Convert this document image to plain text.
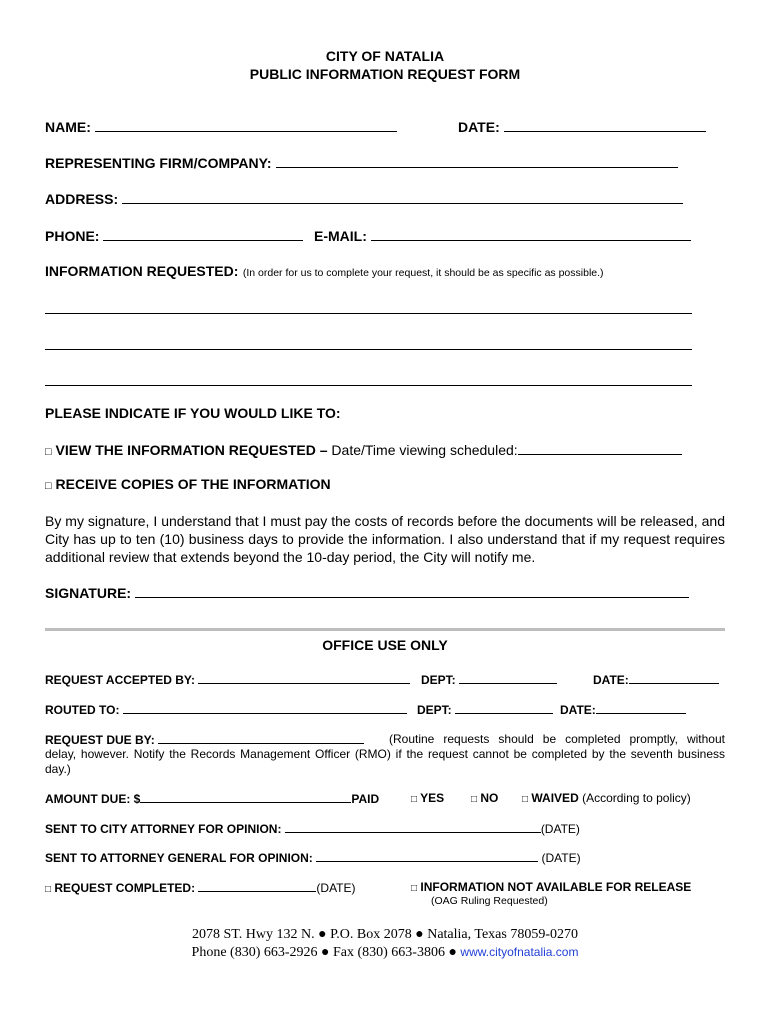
CITY OF NATALIA
PUBLIC INFORMATION REQUEST FORM
NAME:	DATE:
REPRESENTING FIRM/COMPANY:
ADDRESS:
PHONE:	E-MAIL:
INFORMATION REQUESTED: (In order for us to complete your request, it should be as specific as possible.)
PLEASE INDICATE IF YOU WOULD LIKE TO:
□ VIEW THE INFORMATION REQUESTED – Date/Time viewing scheduled:
□ RECEIVE COPIES OF THE INFORMATION
By my signature, I understand that I must pay the costs of records before the documents will be released, and City has up to ten (10) business days to provide the information. I also understand that if my request requires additional review that extends beyond the 10-day period, the City will notify me.
SIGNATURE:
OFFICE USE ONLY
REQUEST ACCEPTED BY:	DEPT:	DATE:
ROUTED TO:	DEPT:	DATE:
REQUEST DUE BY:	(Routine requests should be completed promptly, without delay, however. Notify the Records Management Officer (RMO) if the request cannot be completed by the seventh business day.)
AMOUNT DUE: $	PAID	□ YES	□ NO □ WAIVED (According to policy)
SENT TO CITY ATTORNEY FOR OPINION:	(DATE)
SENT TO ATTORNEY GENERAL FOR OPINION:	(DATE)
□ REQUEST COMPLETED:	(DATE)	□ INFORMATION NOT AVAILABLE FOR RELEASE
(OAG Ruling Requested)
2078 ST. Hwy 132 N. ● P.O. Box 2078 ● Natalia, Texas 78059-0270
Phone (830) 663-2926 ● Fax (830) 663-3806 ● www.cityofnatalia.com
